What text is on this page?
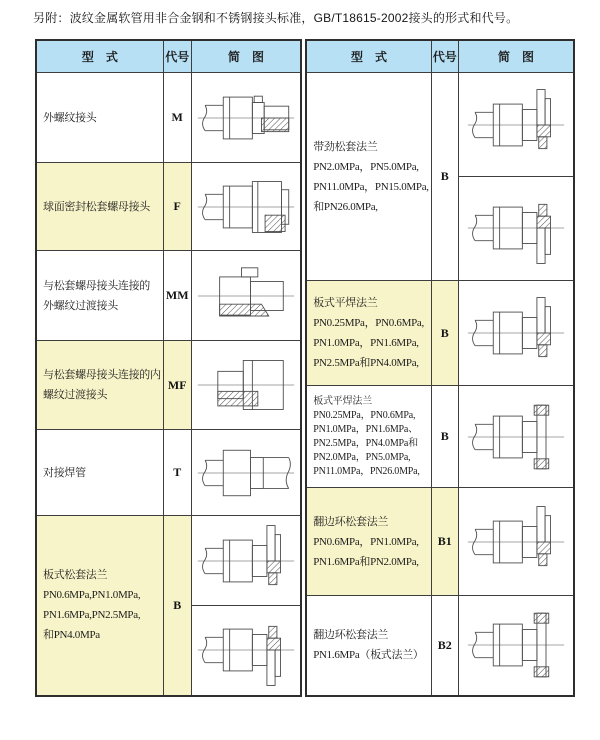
另附：波纹金属软管用非合金钢和不锈钢接头标准，GB/T18615-2002接头的形式和代号。
型　式	代号	简　图

外螺纹接头	M	

球面密封松套螺母接头	F	

与松套螺母接头连接的
外螺纹过渡接头	MM	

与松套螺母接头连接的内
螺纹过渡接头	MF	

对接焊管	T	

板式松套法兰
PN0.6MPa,PN1.0MPa,
PN1.6MPa,PN2.5MPa,
和PN4.0MPa	B	
型　式	代号	简　图

带劲松套法兰
PN2.0MPa，PN5.0MPa,
PN11.0MPa，PN15.0MPa,
和PN26.0MPa,	B	

板式平焊法兰
PN0.25MPa，PN0.6MPa,
PN1.0MPa，PN1.6MPa,
PN2.5MPa和PN4.0MPa,	B	

板式平焊法兰
PN0.25MPa，PN0.6MPa,
PN1.0MPa，PN1.6MPa、
PN2.5MPa，PN4.0MPa和
PN2.0MPa，PN5.0MPa,
PN11.0MPa，PN26.0MPa,
	B	

翻边环松套法兰
PN0.6MPa，PN1.0MPa,
PN1.6MPa和PN2.0MPa,	B1	

翻边环松套法兰
PN1.6MPa（板式法兰）	B2	
